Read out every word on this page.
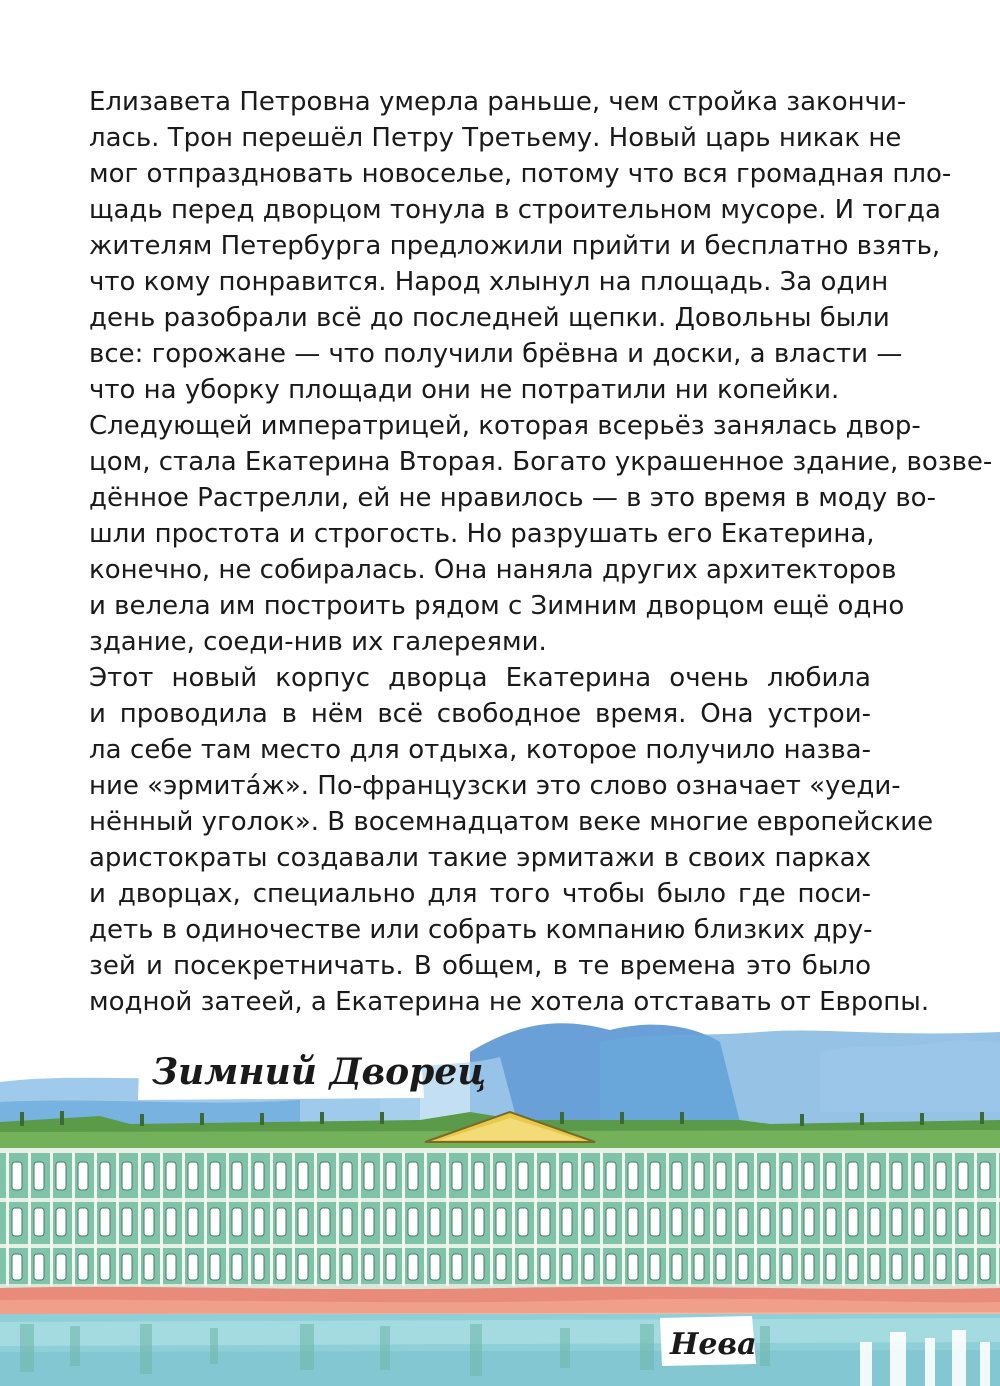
Елизавета Петровна умерла раньше, чем стройка закончи-
лась. Трон перешёл Петру Третьему. Новый царь никак не
мог отпраздновать новоселье, потому что вся громадная пло-
щадь перед дворцом тонула в строительном мусоре. И тогда
жителям Петербурга предложили прийти и бесплатно взять,
что кому понравится. Народ хлынул на площадь. За один
день разобрали всё до последней щепки. Довольны были
все: горожане — что получили брёвна и доски, а власти —
что на уборку площади они не потратили ни копейки.
Следующей императрицей, которая всерьёз занялась двор-
цом, стала Екатерина Вторая. Богато украшенное здание, возве-
дённое Растрелли, ей не нравилось — в это время в моду во-
шли простота и строгость. Но разрушать его Екатерина,
конечно, не собиралась. Она наняла других архитекторов
и велела им построить рядом с Зимним дворцом ещё одно
здание, соеди-нив их галереями.
Этот новый корпус дворца Екатерина очень любила
и проводила в нём всё свободное время. Она устрои-
ла себе там место для отдыха, которое получило назва-
ние «эрмитáж». По-французски это слово означает «уеди-
нённый уголок». В восемнадцатом веке многие европейские
аристократы создавали такие эрмитажи в своих парках
и дворцах, специально для того чтобы было где поси-
деть в одиночестве или собрать компанию близких дру-
зей и посекретничать. В общем, в те времена это было
модной затеей, а Екатерина не хотела отставать от Европы.
Зимний Дворец
Нева
